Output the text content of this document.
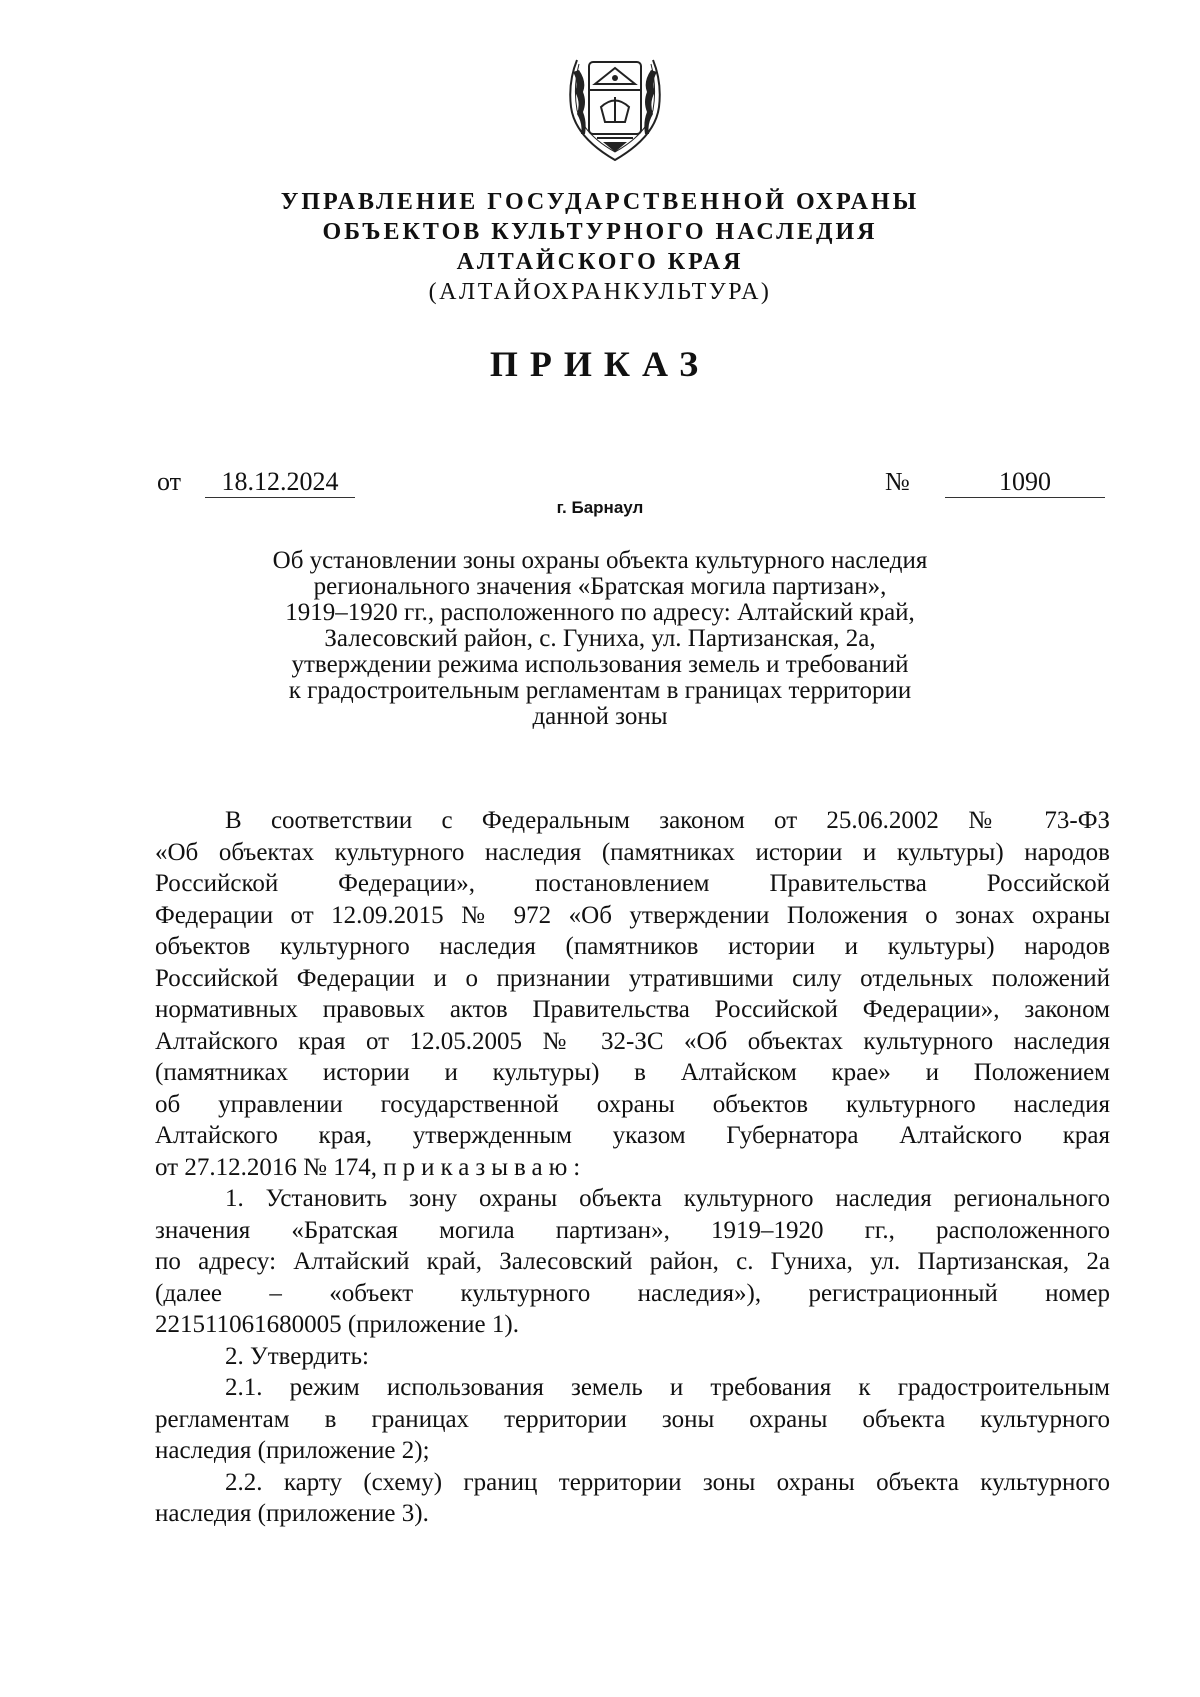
УПРАВЛЕНИЕ ГОСУДАРСТВЕННОЙ ОХРАНЫ
ОБЪЕКТОВ КУЛЬТУРНОГО НАСЛЕДИЯ
АЛТАЙСКОГО КРАЯ
(АЛТАЙОХРАНКУЛЬТУРА)
ПРИКАЗ
от	18.12.2024	№	1090
г. Барнаул
Об установлении зоны охраны объекта культурного наследия
регионального значения «Братская могила партизан»,
1919–1920 гг., расположенного по адресу: Алтайский край,
Залесовский район, с. Гуниха, ул. Партизанская, 2а,
утверждении режима использования земель и требований
к градостроительным регламентам в границах территории
данной зоны

В соответствии с Федеральным законом от 25.06.2002 № 73-ФЗ
«Об объектах культурного наследия (памятниках истории и культуры) народов
Российской Федерации», постановлением Правительства Российской
Федерации от 12.09.2015 № 972 «Об утверждении Положения о зонах охраны
объектов культурного наследия (памятников истории и культуры) народов
Российской Федерации и о признании утратившими силу отдельных положений
нормативных правовых актов Правительства Российской Федерации», законом
Алтайского края от 12.05.2005 № 32-ЗС «Об объектах культурного наследия
(памятниках истории и культуры) в Алтайском крае» и Положением
об управлении государственной охраны объектов культурного наследия
Алтайского края, утвержденным указом Губернатора Алтайского края
от 27.12.2016 № 174, приказываю:

1. Установить зону охраны объекта культурного наследия регионального
значения «Братская могила партизан», 1919–1920 гг., расположенного
по адресу: Алтайский край, Залесовский район, с. Гуниха, ул. Партизанская, 2а
(далее – «объект культурного наследия»), регистрационный номер
221511061680005 (приложение 1).

2. Утвердить:

2.1. режим использования земель и требования к градостроительным
регламентам в границах территории зоны охраны объекта культурного
наследия (приложение 2);

2.2. карту (схему) границ территории зоны охраны объекта культурного
наследия (приложение 3).
